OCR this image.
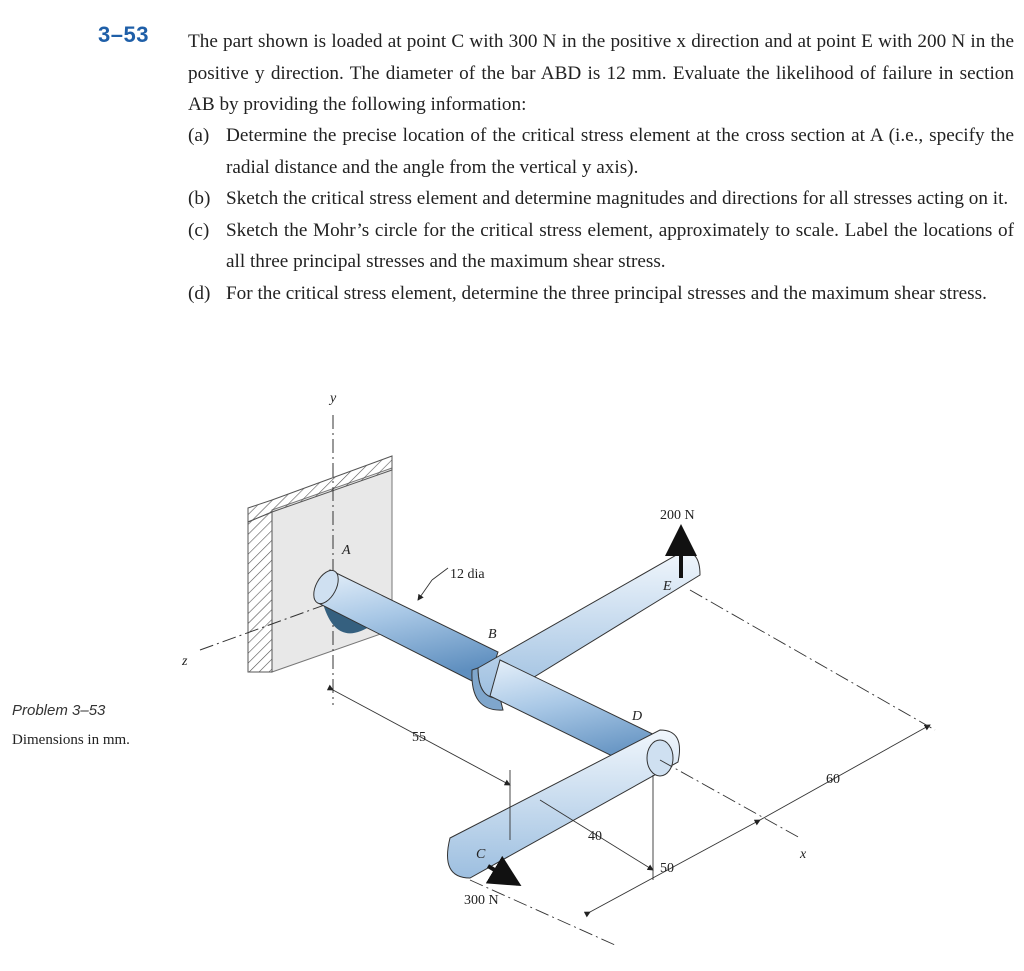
3–53 The part shown is loaded at point C with 300 N in the positive x direction and at point E with 200 N in the positive y direction. The diameter of the bar ABD is 12 mm. Evaluate the likelihood of failure in section AB by providing the following information:

(a) Determine the precise location of the critical stress element at the cross section at A (i.e., specify the radial distance and the angle from the vertical y axis).
(b) Sketch the critical stress element and determine magnitudes and directions for all stresses acting on it.
(c) Sketch the Mohr’s circle for the critical stress element, approximately to scale. Label the locations of all three principal stresses and the maximum shear stress.
(d) For the critical stress element, determine the three principal stresses and the maximum shear stress.
Problem 3–53
Dimensions in mm.
y
z
x
A
B
C
D
E
12 dia
200 N
300 N
55
40
50
60
